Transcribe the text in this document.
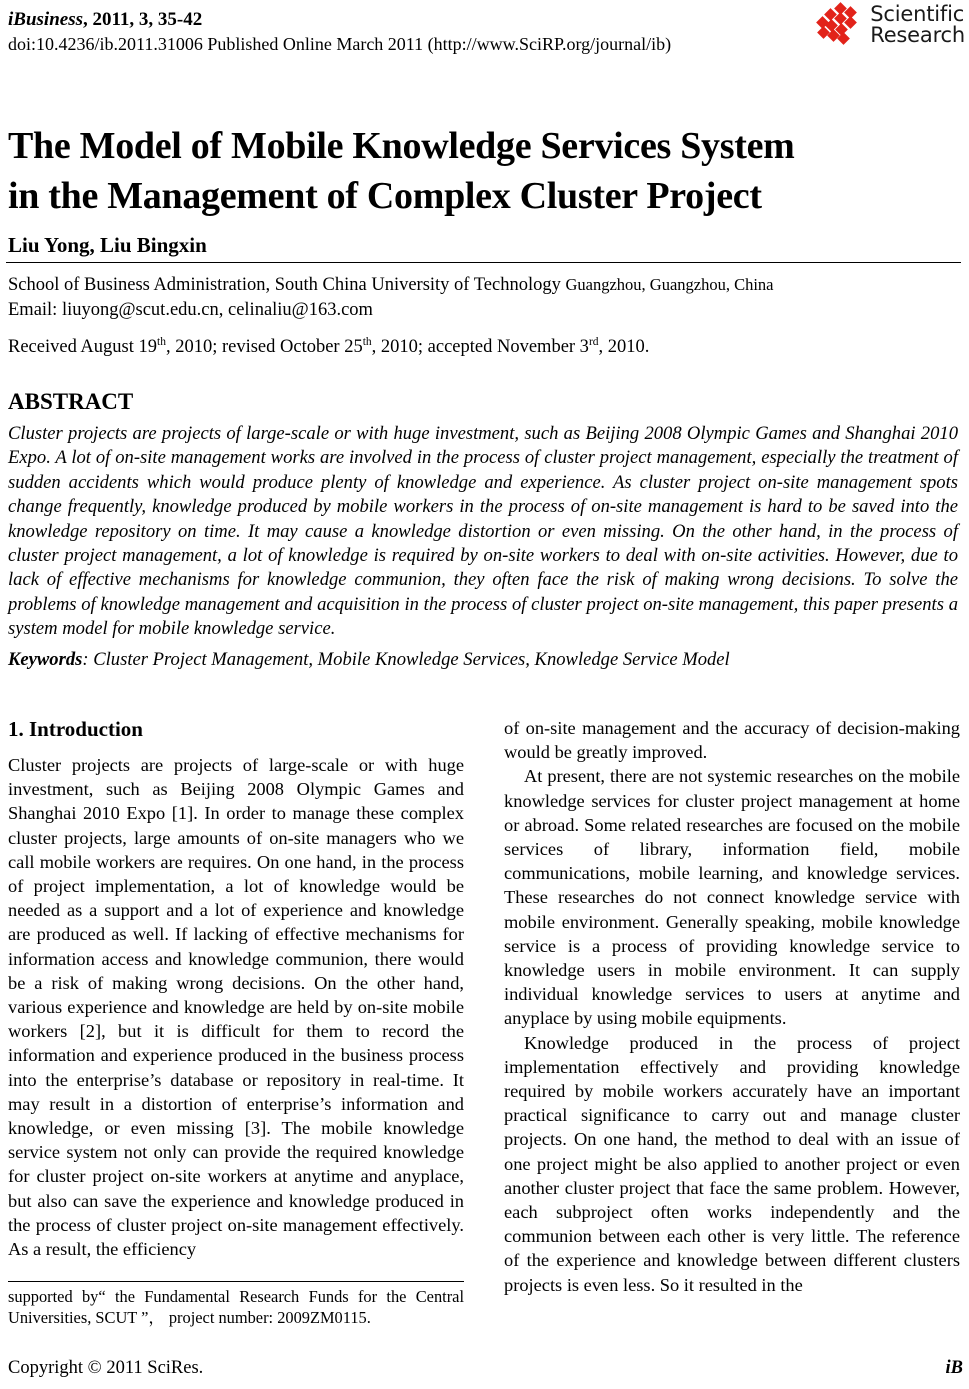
iBusiness, 2011, 3, 35-42
doi:10.4236/ib.2011.31006 Published Online March 2011 (http://www.SciRP.org/journal/ib)
Scientific
Research
The Model of Mobile Knowledge Services System
in the Management of Complex Cluster Project
Liu Yong, Liu Bingxin
School of Business Administration, South China University of Technology Guangzhou, Guangzhou, China
Email: liuyong@scut.edu.cn, celinaliu@163.com
Received August 19th, 2010; revised October 25th, 2010; accepted November 3rd, 2010.
ABSTRACT
Cluster projects are projects of large-scale or with huge investment, such as Beijing 2008 Olympic Games and Shanghai 2010 Expo. A lot of on-site management works are involved in the process of cluster project management, especially the treatment of sudden accidents which would produce plenty of knowledge and experience. As cluster project on-site management spots change frequently, knowledge produced by mobile workers in the process of on-site management is hard to be saved into the knowledge repository on time. It may cause a knowledge distortion or even missing. On the other hand, in the process of cluster project management, a lot of knowledge is required by on-site workers to deal with on-site activities. However, due to lack of effective mechanisms for knowledge communion, they often face the risk of making wrong decisions. To solve the problems of knowledge management and acquisition in the process of cluster project on-site management, this paper presents a system model for mobile knowledge service.
Keywords: Cluster Project Management, Mobile Knowledge Services, Knowledge Service Model
1. Introduction

Cluster projects are projects of large-scale or with huge investment, such as Beijing 2008 Olympic Games and Shanghai 2010 Expo [1]. In order to manage these complex cluster projects, large amounts of on-site managers who we call mobile workers are requires. On one hand, in the process of project implementation, a lot of knowledge would be needed as a support and a lot of experience and knowledge are produced as well. If lacking of effective mechanisms for information access and knowledge communion, there would be a risk of making wrong decisions. On the other hand, various experience and knowledge are held by on-site mobile workers [2], but it is difficult for them to record the information and experience produced in the business process into the enterprise’s database or repository in real-time. It may result in a distortion of enterprise’s information and knowledge, or even missing [3]. The mobile knowledge service system not only can provide the required knowledge for cluster project on-site workers at anytime and anyplace, but also can save the experience and knowledge produced in the process of cluster project on-site management effectively. As a result, the efficiency

of on-site management and the accuracy of decision-making would be greatly improved.

At present, there are not systemic researches on the mobile knowledge services for cluster project management at home or abroad. Some related researches are focused on the mobile services of library, information field, mobile communications, mobile learning, and knowledge services. These researches do not connect knowledge service with mobile environment. Generally speaking, mobile knowledge service is a process of providing knowledge service to knowledge users in mobile environment. It can supply individual knowledge services to users at anytime and anyplace by using mobile equipments.

Knowledge produced in the process of project implementation effectively and providing knowledge required by mobile workers accurately have an important practical significance to carry out and manage cluster projects. On one hand, the method to deal with an issue of one project might be also applied to another project or even another cluster project that face the same problem. However, each subproject often works independently and the communion between each other is very little. The reference of the experience and knowledge between different clusters projects is even less. So it resulted in the

supported by“ the Fundamental Research Funds for the Central Universities, SCUT ”， project number: 2009ZM0115.
Copyright © 2011 SciRes.	iB
